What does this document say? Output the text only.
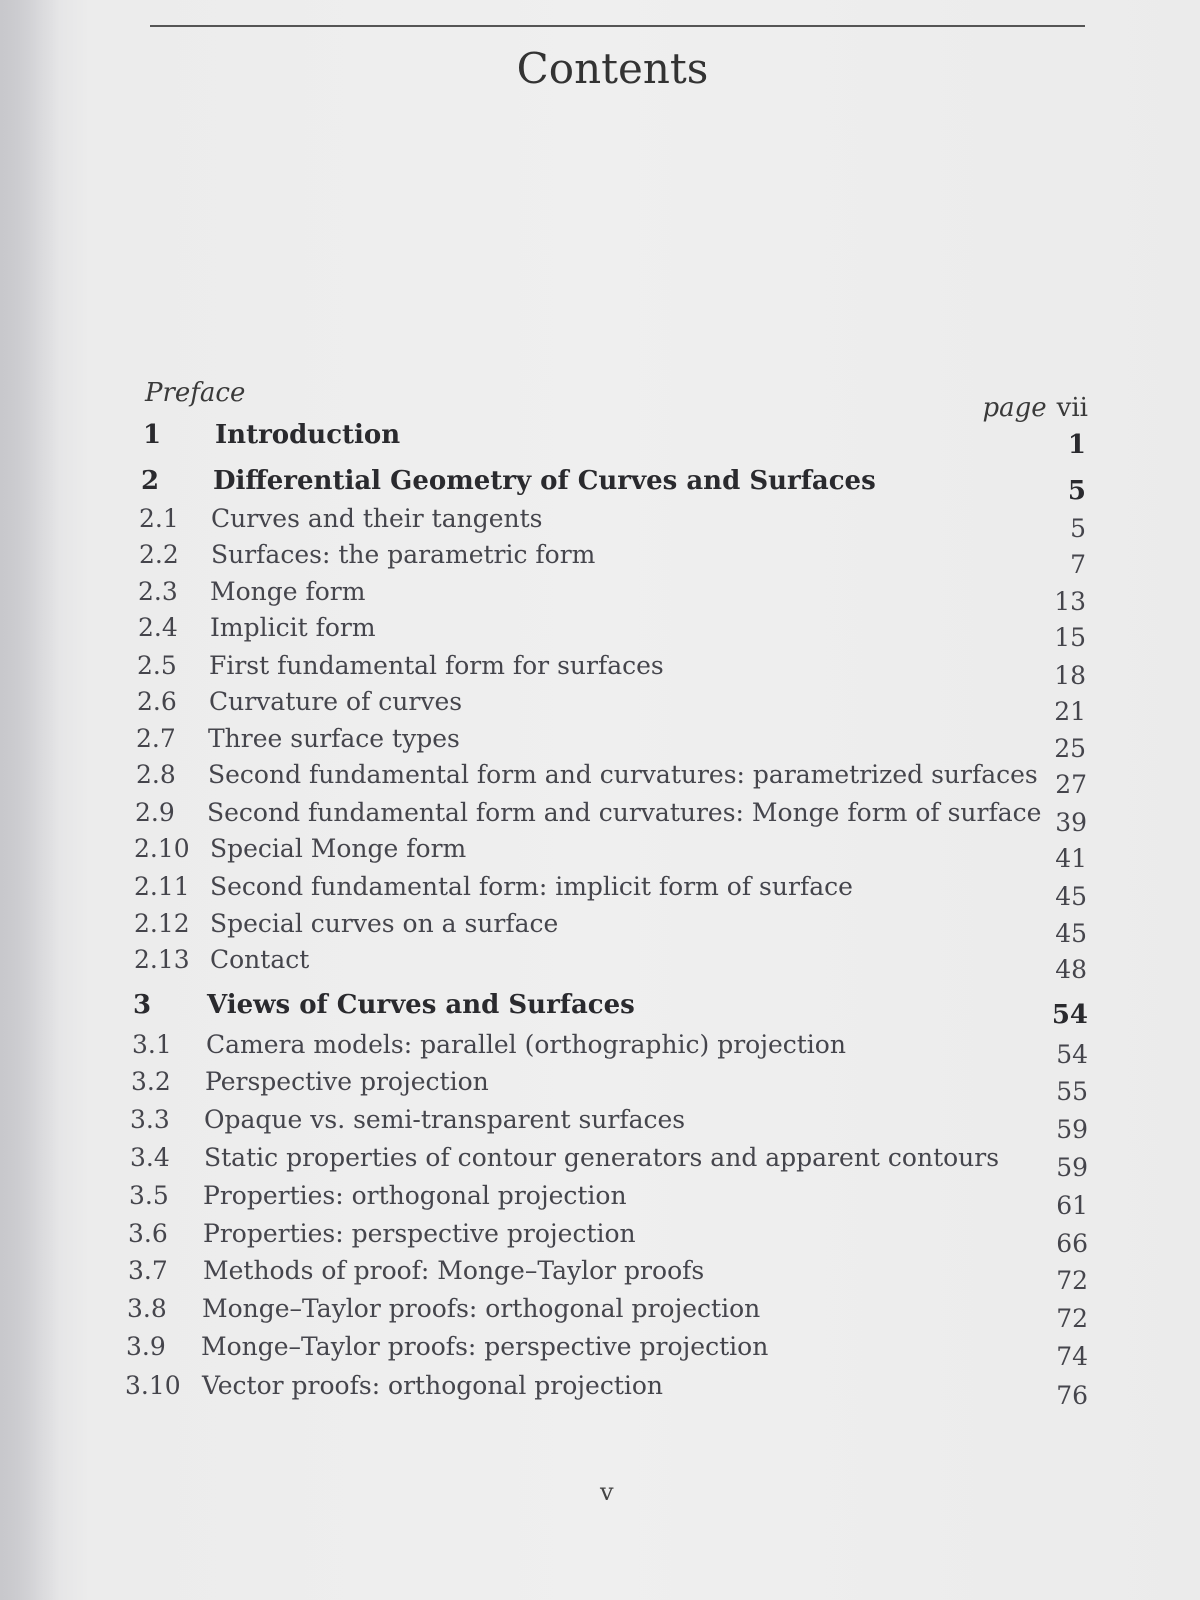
Contents
Preface	page vii
1 Introduction	1
2 Differential Geometry of Curves and Surfaces	5
2.1 Curves and their tangents	5
2.2 Surfaces: the parametric form	7
2.3 Monge form	13
2.4 Implicit form	15
2.5 First fundamental form for surfaces	18
2.6 Curvature of curves	21
2.7 Three surface types	25
2.8 Second fundamental form and curvatures: parametrized surfaces 27
2.9 Second fundamental form and curvatures: Monge form of surface 39
2.10 Special Monge form	41
2.11 Second fundamental form: implicit form of surface	45
2.12 Special curves on a surface	45
2.13 Contact	48
3 Views of Curves and Surfaces	54
3.1 Camera models: parallel (orthographic) projection	54
3.2 Perspective projection	55
3.3 Opaque vs. semi-transparent surfaces	59
3.4 Static properties of contour generators and apparent contours 59
3.5 Properties: orthogonal projection	61
3.6 Properties: perspective projection	66
3.7 Methods of proof: Monge–Taylor proofs	72
3.8 Monge–Taylor proofs: orthogonal projection	72
3.9 Monge–Taylor proofs: perspective projection	74
3.10 Vector proofs: orthogonal projection	76
v
